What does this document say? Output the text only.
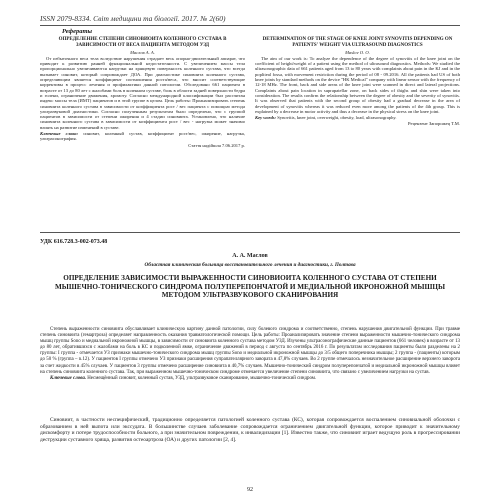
ISSN 2079-8334. Світ медицини та біології. 2017. № 2(60)
Рефераты
ОПРЕДЕЛЕНИЕ СТЕПЕНИ СИНОВИОИТА КОЛЕННОГО СУСТАВА В ЗАВИСИМОСТИ ОТ ВЕСА ПАЦИЕНТА МЕТОДОМ УЗД
Маслов А. А.
От избыточного веса тела вследствие нарушения страдает весь опорно-двигательный аппарат, что приводит к развитию ранней функциональной недостаточности. С увеличением массы тела пропорционально увеличиваются нагрузки на хрящевую поверхность коленного сустава, что всегда вызывает синовит, который сопровождает ДОА. При диагностике синовиита коленного сустава, определяющим является коэффициент соотношения роста/веса, что вносит соответствующие коррективы в процесс лечения и профилактики данной патологии. Обследовано 661 пациента в возрасте от 13 до 80 лет с жалобами боль в коленном суставе, боль в области задней поверхности бедра и голени, ограничение движения, хромоту. Согласно международной классификации был рассчитан индекс массы тела (ИМТ) пациентов и в этой группе в целом. Цель работы: Проанализировать степень синовиита коленного сустава в зависимости от коэффициента рост / вес пациента с помощью метода ультразвуковой диагностики. Согласно полученным результатам было определено, что с группой пациентов в зависимости от степени ожирения и 4 стадии синовиита. Установлено, что наличие синовиита коленного сустава в зависимости от коэффициента рост / вес - нагрузка может значимо влиять на развитие изменений в суставе.
Ключевые слова: синовит, коленный сустав, коэффициент рост/вес, ожирение, нагрузка, ультрасонография.
Стаття надійшла 7.06.2017 р.
DETERMINATION OF THE STAGE OF KNEE JOINT SYNOVITIS DEPENDING ON PATIENTS' WEIGHT VIA ULTRASOUND DIAGNOSTICS
Maslov O. O.
The aim of our work is: To analyze the dependence of the degree of synovitis of the knee joint on the coefficient of height/weight of a patient using the method of ultrasound diagnostics. Methods: We studied the ultrasonographic data of 661 patients aged from 13 to 80 years with complaints about pain in the KJ and in the popliteal fossa, with movement restriction during the period of 08 - 09.2016. All the patients had US of both knee joints by standard methods on the device "HK Medical" company with linear sensor with the frequency of 12-18 MHz. The front, back and side areas of the knee joint were scanned in direct and lateral projections. Complaints about pain location in suprapatellar zone, on back sides of thighs and shin were taken into consideration. The results confirm the relationship between the degree of obesity and the severity of synovitis. It was observed that patients with the second group of obesity had a gradual decrease in the area of development of synovitis whereas it was reduced even more among the patients of the 4th group. This is explained by a decrease in motor activity and thus a decrease in the physical stress on the knee joint.
Key words: Synovitis, knee joint, overweight, obesity, load, ultrasonography.
Рецензент Запорожец Т.М.
УДК 616.728.3-002-073.48
А. А. Маслов
Областная клиническая больница восстановительного лечения и диагностики, г. Полтава
ОПРЕДЕЛЕНИЕ ЗАВИСИМОСТИ ВЫРАЖЕННОСТИ СИНОВИОИТА КОЛЕННОГО СУСТАВА ОТ СТЕПЕНИ МЫШЕЧНО-ТОНИЧЕСКОГО СИНДРОМА ПОЛУПЕРЕПОНЧАТОЙ И МЕДИАЛЬНОЙ ИКРОНОЖНОЙ МЫШЦЫ МЕТОДОМ УЛЬТРАЗВУКОВОГО СКАНИРОВАНИЯ
Степень выраженности синовиита обуславливает клиническую картину данной патологии, силу болевого синдрома и соответственно, степень нарушения двигательной функции. При травме степень синовиита (гемартроза) определяет направленность оказания травматологической помощи. Цель работы: Проанализировать значение степени выраженности мышечно-тонического синдрома мышц группы Sono и медиальной икроножной мышцы, в зависимости от синовиита коленного сустава методом УЗД. Изучены ультрасонографические данные пациентов (661 человек) в возрасте от 13 до 80 лет, обратившихся с жалобами на боль в КС и подколенной ямке, ограничение движений в период с августа по сентябрь 2016 г. По результатам исследования пациенты были разделены на 2 группы: I группа - отмечается УЗ признаки мышечно-тонического синдрома мышц группы Sono и медиальной икроножной мышцы до 3/5 общего поперечника мышцы; 2 группа - (пациенты) которым до 50 % (группа – n.12). У пациентов I группы отмечено УЗ признаки расширения супрапателлярного завората в 47,8% случаев. Во 2 группе отмечалось незначительное расширение верхнего заворота за счет жидкости в 45% случаев. У пациентов 3 группы отмечено расширение синовиита в 40,7% случаев. Мышечно-тонический синдром полуперепончатой и медиальной икроножной мышцы влияет на степень синовиита коленного сустава. Так, при выраженном мышечно-тоническом синдроме отмечается увеличение степени синовиита, что связано с увеличением нагрузки на сустав.
Ключевые слова. Несмещённый синовит, коленный сустав, УЗД, ультразвуковое сканирование, мышечно-тонический синдром.
Синовиит, в частности неспецифический, традиционно определяется патологией коленного сустава (КС), которая сопровождается воспалением синовиальной оболочки с образованием в ней выпота или экссудата. В большинстве случаев заболевание сопровождается ограничением двигательной функции, которое приводит к значительному дискомфорту и потере трудоспособности больного, а при значительном повреждении, к инвалидизации [1]. Известно также, что синовиит играет ведущую роль в прогрессировании деструкции суставного хряща, развития остеоартроза (ОА) и других патологии [2, 4].
92
